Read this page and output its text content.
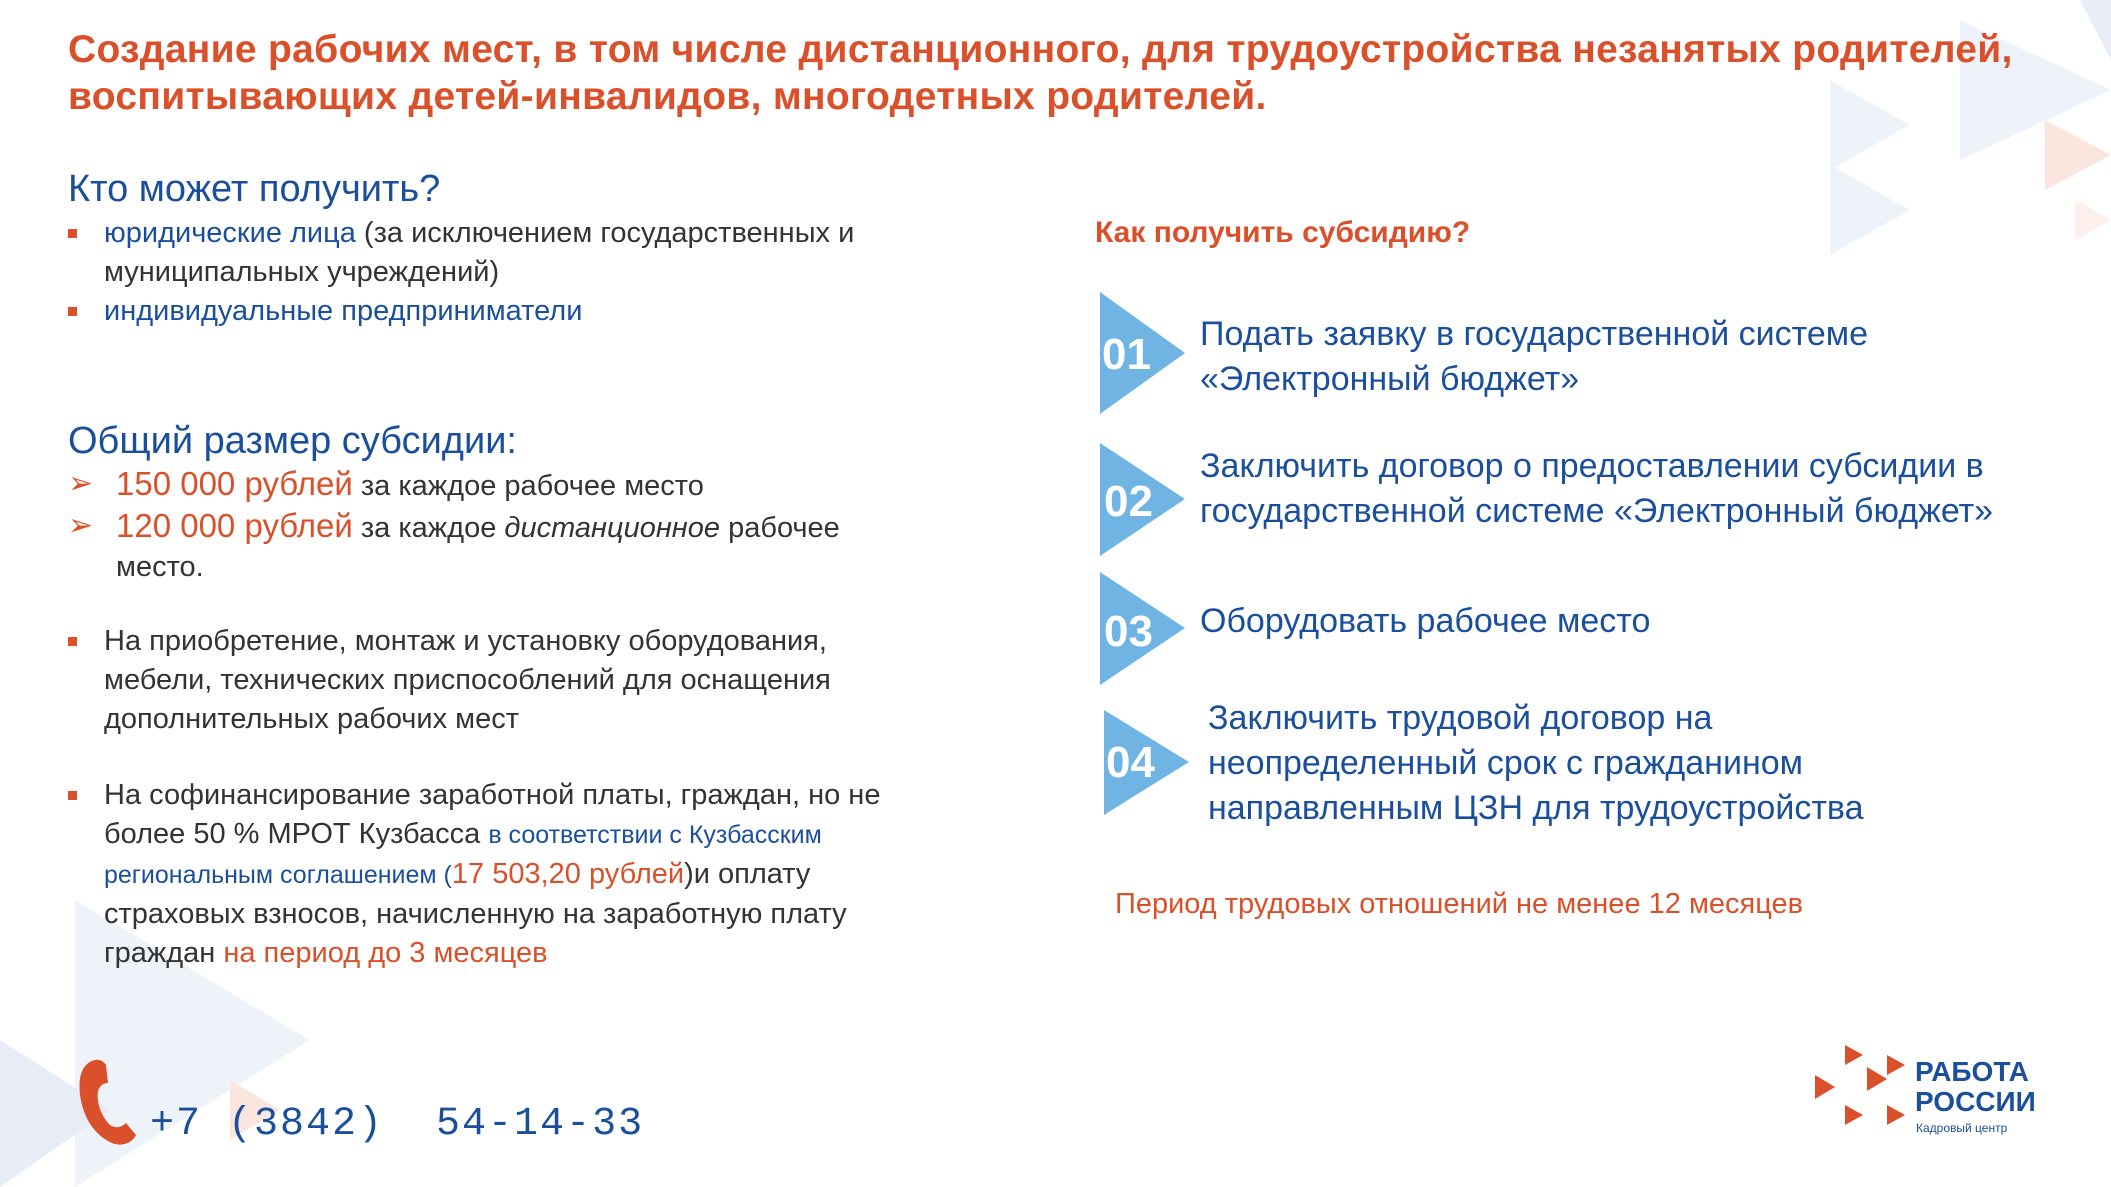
Создание рабочих мест, в том числе дистанционного, для трудоустройства незанятых родителей,
воспитывающих детей-инвалидов, многодетных родителей.
Кто может получить?
юридические лица (за исключением государственных и
муниципальных учреждений)
индивидуальные предприниматели
Общий размер субсидии:
➢ 150 000 рублей за каждое рабочее место
➢ 120 000 рублей за каждое дистанционное рабочее
место.
На приобретение, монтаж и установку оборудования,
мебели, технических приспособлений для оснащения
дополнительных рабочих мест
На софинансирование заработной платы, граждан, но не
более 50 % МРОТ Кузбасса в соответствии с Кузбасским
региональным соглашением (17 503,20 рублей)и оплату
страховых взносов, начисленную на заработную плату
граждан на период до 3 месяцев
Как получить субсидию?
01 Подать заявку в государственной системе
«Электронный бюджет»
02
Заключить договор о предоставлении субсидии в
государственной системе «Электронный бюджет»
03 Оборудовать рабочее место
04
Заключить трудовой договор на
неопределенный срок с гражданином
направленным ЦЗН для трудоустройства
Период трудовых отношений не менее 12 месяцев
+7 (3842)  54-14-33
РАБОТА
РОССИИ
Кадровый центр
